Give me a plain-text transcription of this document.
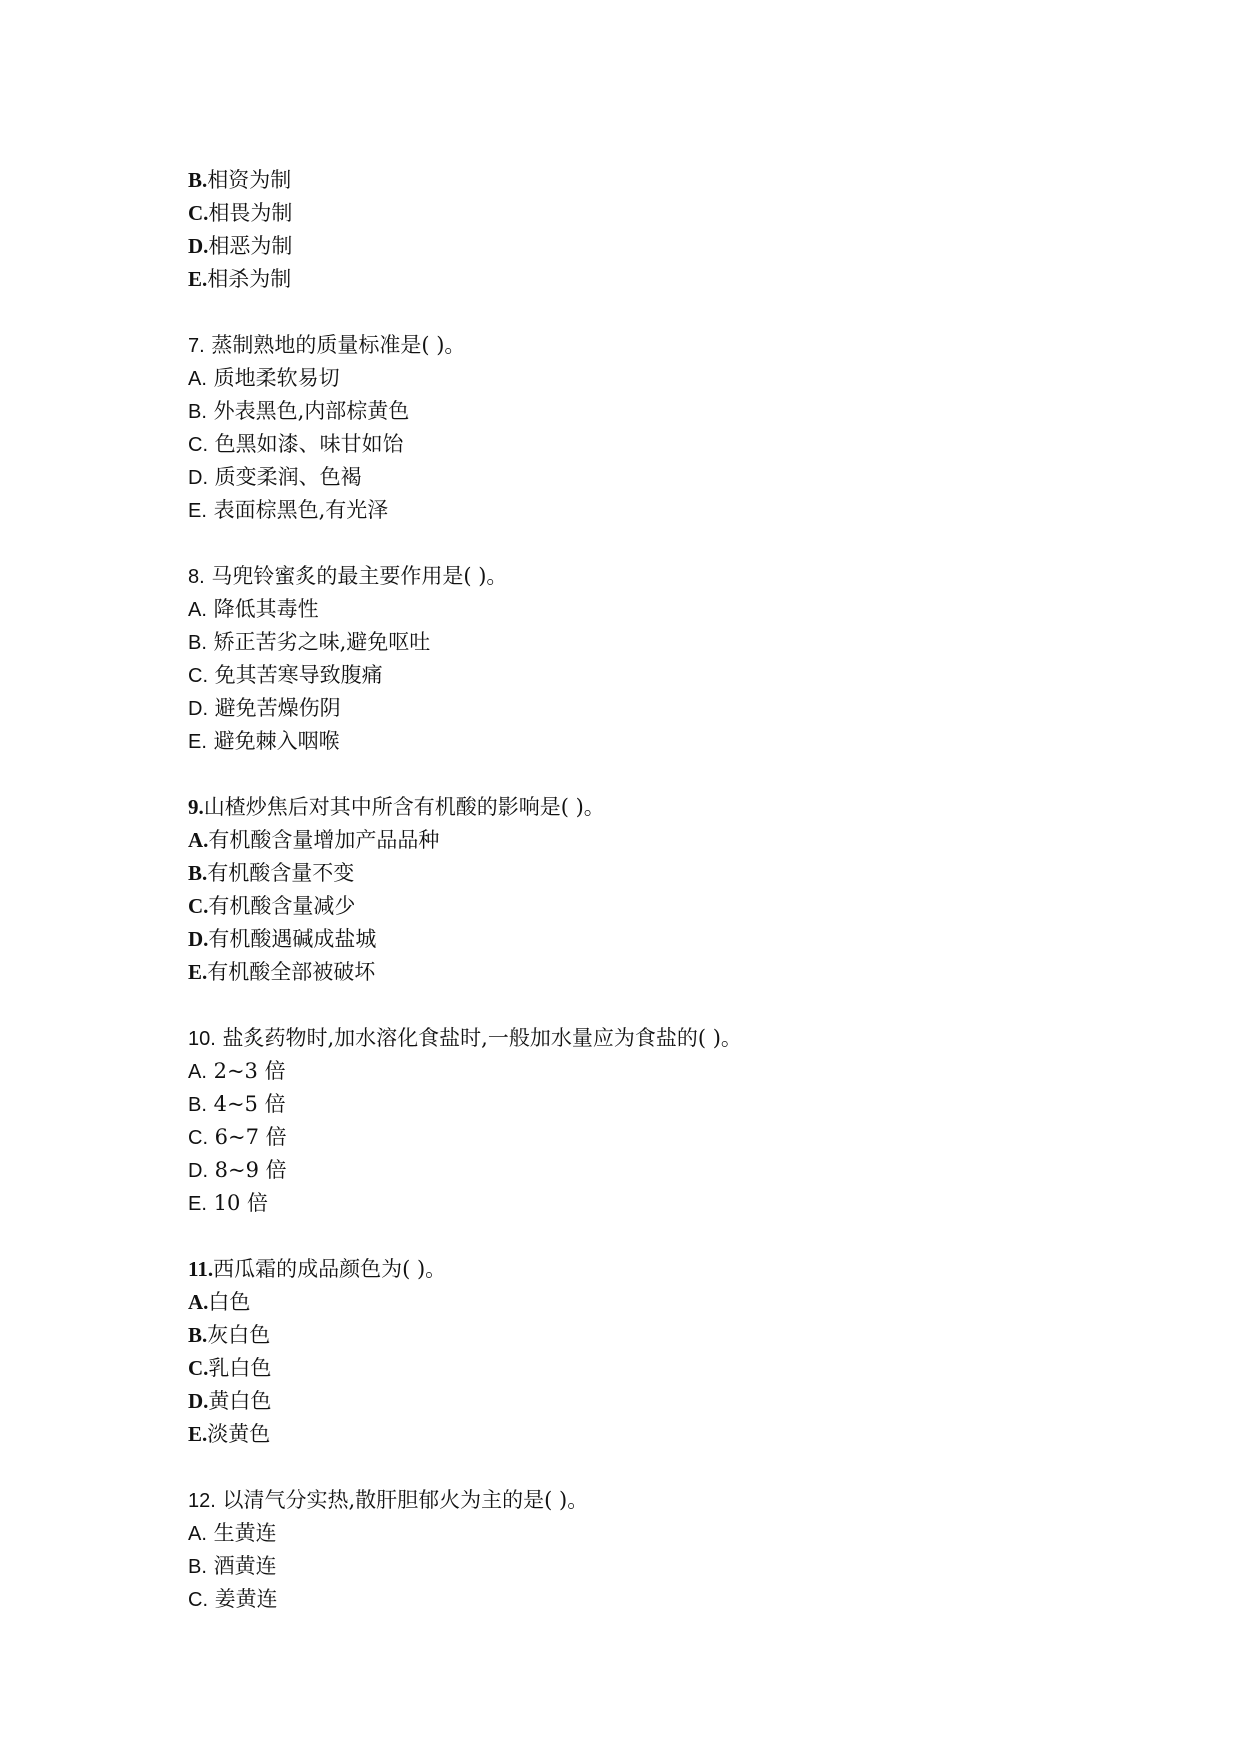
B.相资为制
C.相畏为制
D.相恶为制
E.相杀为制
7. 蒸制熟地的质量标准是( )。
A. 质地柔软易切
B. 外表黑色,内部棕黄色
C. 色黑如漆、味甘如饴
D. 质变柔润、色褐
E. 表面棕黑色,有光泽
8. 马兜铃蜜炙的最主要作用是( )。
A. 降低其毒性
B. 矫正苦劣之味,避免呕吐
C. 免其苦寒导致腹痛
D. 避免苦燥伤阴
E. 避免棘入咽喉
9.山楂炒焦后对其中所含有机酸的影响是( )。
A.有机酸含量增加产品品种
B.有机酸含量不变
C.有机酸含量减少
D.有机酸遇碱成盐城
E.有机酸全部被破坏
10. 盐炙药物时,加水溶化食盐时,一般加水量应为食盐的( )。
A. 2~3 倍
B. 4~5 倍
C. 6~7 倍
D. 8~9 倍
E. 10 倍
11.西瓜霜的成品颜色为( )。
A.白色
B.灰白色
C.乳白色
D.黄白色
E.淡黄色
12. 以清气分实热,散肝胆郁火为主的是( )。
A. 生黄连
B. 酒黄连
C. 姜黄连
